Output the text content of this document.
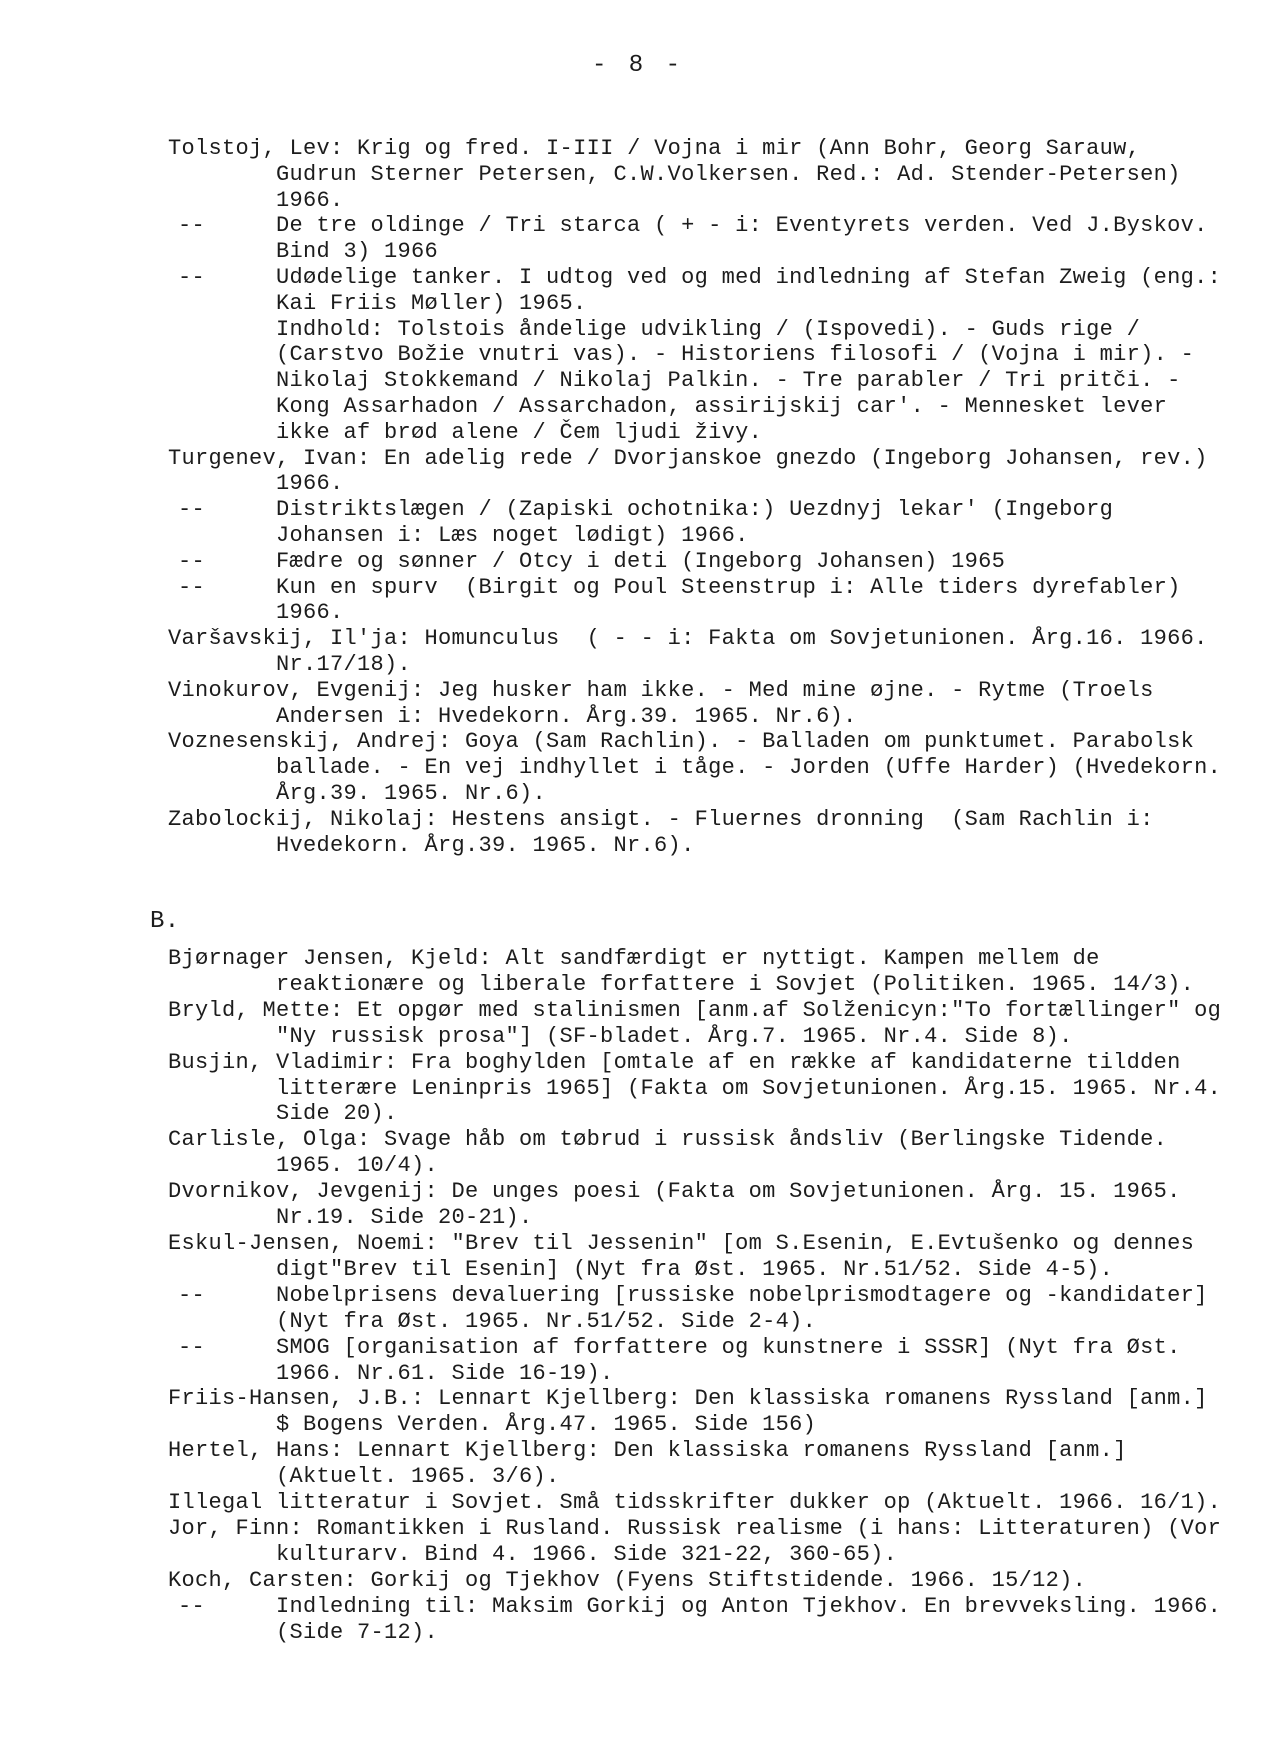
- 8 -
Tolstoj, Lev: Krig og fred. I-III / Vojna i mir (Ann Bohr, Georg Sarauw, Gudrun Sterner Petersen, C.W.Volkersen. Red.: Ad. Stender-Petersen) 1966.
--	De tre oldinge / Tri starca ( + - i: Eventyrets verden. Ved J.Byskov. Bind 3) 1966
--	Udødelige tanker. I udtog ved og med indledning af Stefan Zweig (eng.: Kai Friis Møller) 1965.
Indhold: Tolstois åndelige udvikling / (Ispovedi). - Guds rige / (Carstvo Božie vnutri vas). - Historiens filosofi / (Vojna i mir). - Nikolaj Stokkemand / Nikolaj Palkin. - Tre parabler / Tri pritči. - Kong Assarhadon / Assarchadon, assirijskij car'. - Mennesket lever ikke af brød alene / Čem ljudi živy.
Turgenev, Ivan: En adelig rede / Dvorjanskoe gnezdo (Ingeborg Johansen, rev.) 1966.
--	Distriktslægen / (Zapiski ochotnika:) Uezdnyj lekar' (Ingeborg Johansen i: Læs noget lødigt) 1966.
--	Fædre og sønner / Otcy i deti (Ingeborg Johansen) 1965
--	Kun en spurv  (Birgit og Poul Steenstrup i: Alle tiders dyrefabler) 1966.
Varšavskij, Il'ja: Homunculus  ( - - i: Fakta om Sovjetunionen. Årg.16. 1966. Nr.17/18).
Vinokurov, Evgenij: Jeg husker ham ikke. - Med mine øjne. - Rytme (Troels Andersen i: Hvedekorn. Årg.39. 1965. Nr.6).
Voznesenskij, Andrej: Goya (Sam Rachlin). - Balladen om punktumet. Parabolsk ballade. - En vej indhyllet i tåge. - Jorden (Uffe Harder) (Hvedekorn. Årg.39. 1965. Nr.6).
Zabolockij, Nikolaj: Hestens ansigt. - Fluernes dronning  (Sam Rachlin i: Hvedekorn. Årg.39. 1965. Nr.6).
B.
Bjørnager Jensen, Kjeld: Alt sandfærdigt er nyttigt. Kampen mellem de reaktionære og liberale forfattere i Sovjet (Politiken. 1965. 14/3).
Bryld, Mette: Et opgør med stalinismen [anm.af Solženicyn:"To fortællinger" og "Ny russisk prosa"] (SF-bladet. Årg.7. 1965. Nr.4. Side 8).
Busjin, Vladimir: Fra boghylden [omtale af en række af kandidaterne tildden litterære Leninpris 1965] (Fakta om Sovjetunionen. Årg.15. 1965. Nr.4. Side 20).
Carlisle, Olga: Svage håb om tøbrud i russisk åndsliv (Berlingske Tidende. 1965. 10/4).
Dvornikov, Jevgenij: De unges poesi (Fakta om Sovjetunionen. Årg. 15. 1965. Nr.19. Side 20-21).
Eskul-Jensen, Noemi: "Brev til Jessenin" [om S.Esenin, E.Evtušenko og dennes digt"Brev til Esenin] (Nyt fra Øst. 1965. Nr.51/52. Side 4-5).
--	Nobelprisens devaluering [russiske nobelprismodtagere og -kandidater] (Nyt fra Øst. 1965. Nr.51/52. Side 2-4).
--	SMOG [organisation af forfattere og kunstnere i SSSR] (Nyt fra Øst. 1966. Nr.61. Side 16-19).
Friis-Hansen, J.B.: Lennart Kjellberg: Den klassiska romanens Ryssland [anm.] $ Bogens Verden. Årg.47. 1965. Side 156)
Hertel, Hans: Lennart Kjellberg: Den klassiska romanens Ryssland [anm.] (Aktuelt. 1965. 3/6).
Illegal litteratur i Sovjet. Små tidsskrifter dukker op (Aktuelt. 1966. 16/1).
Jor, Finn: Romantikken i Rusland. Russisk realisme (i hans: Litteraturen) (Vor kulturarv. Bind 4. 1966. Side 321-22, 360-65).
Koch, Carsten: Gorkij og Tjekhov (Fyens Stiftstidende. 1966. 15/12).
--	Indledning til: Maksim Gorkij og Anton Tjekhov. En brevveksling. 1966. (Side 7-12).
